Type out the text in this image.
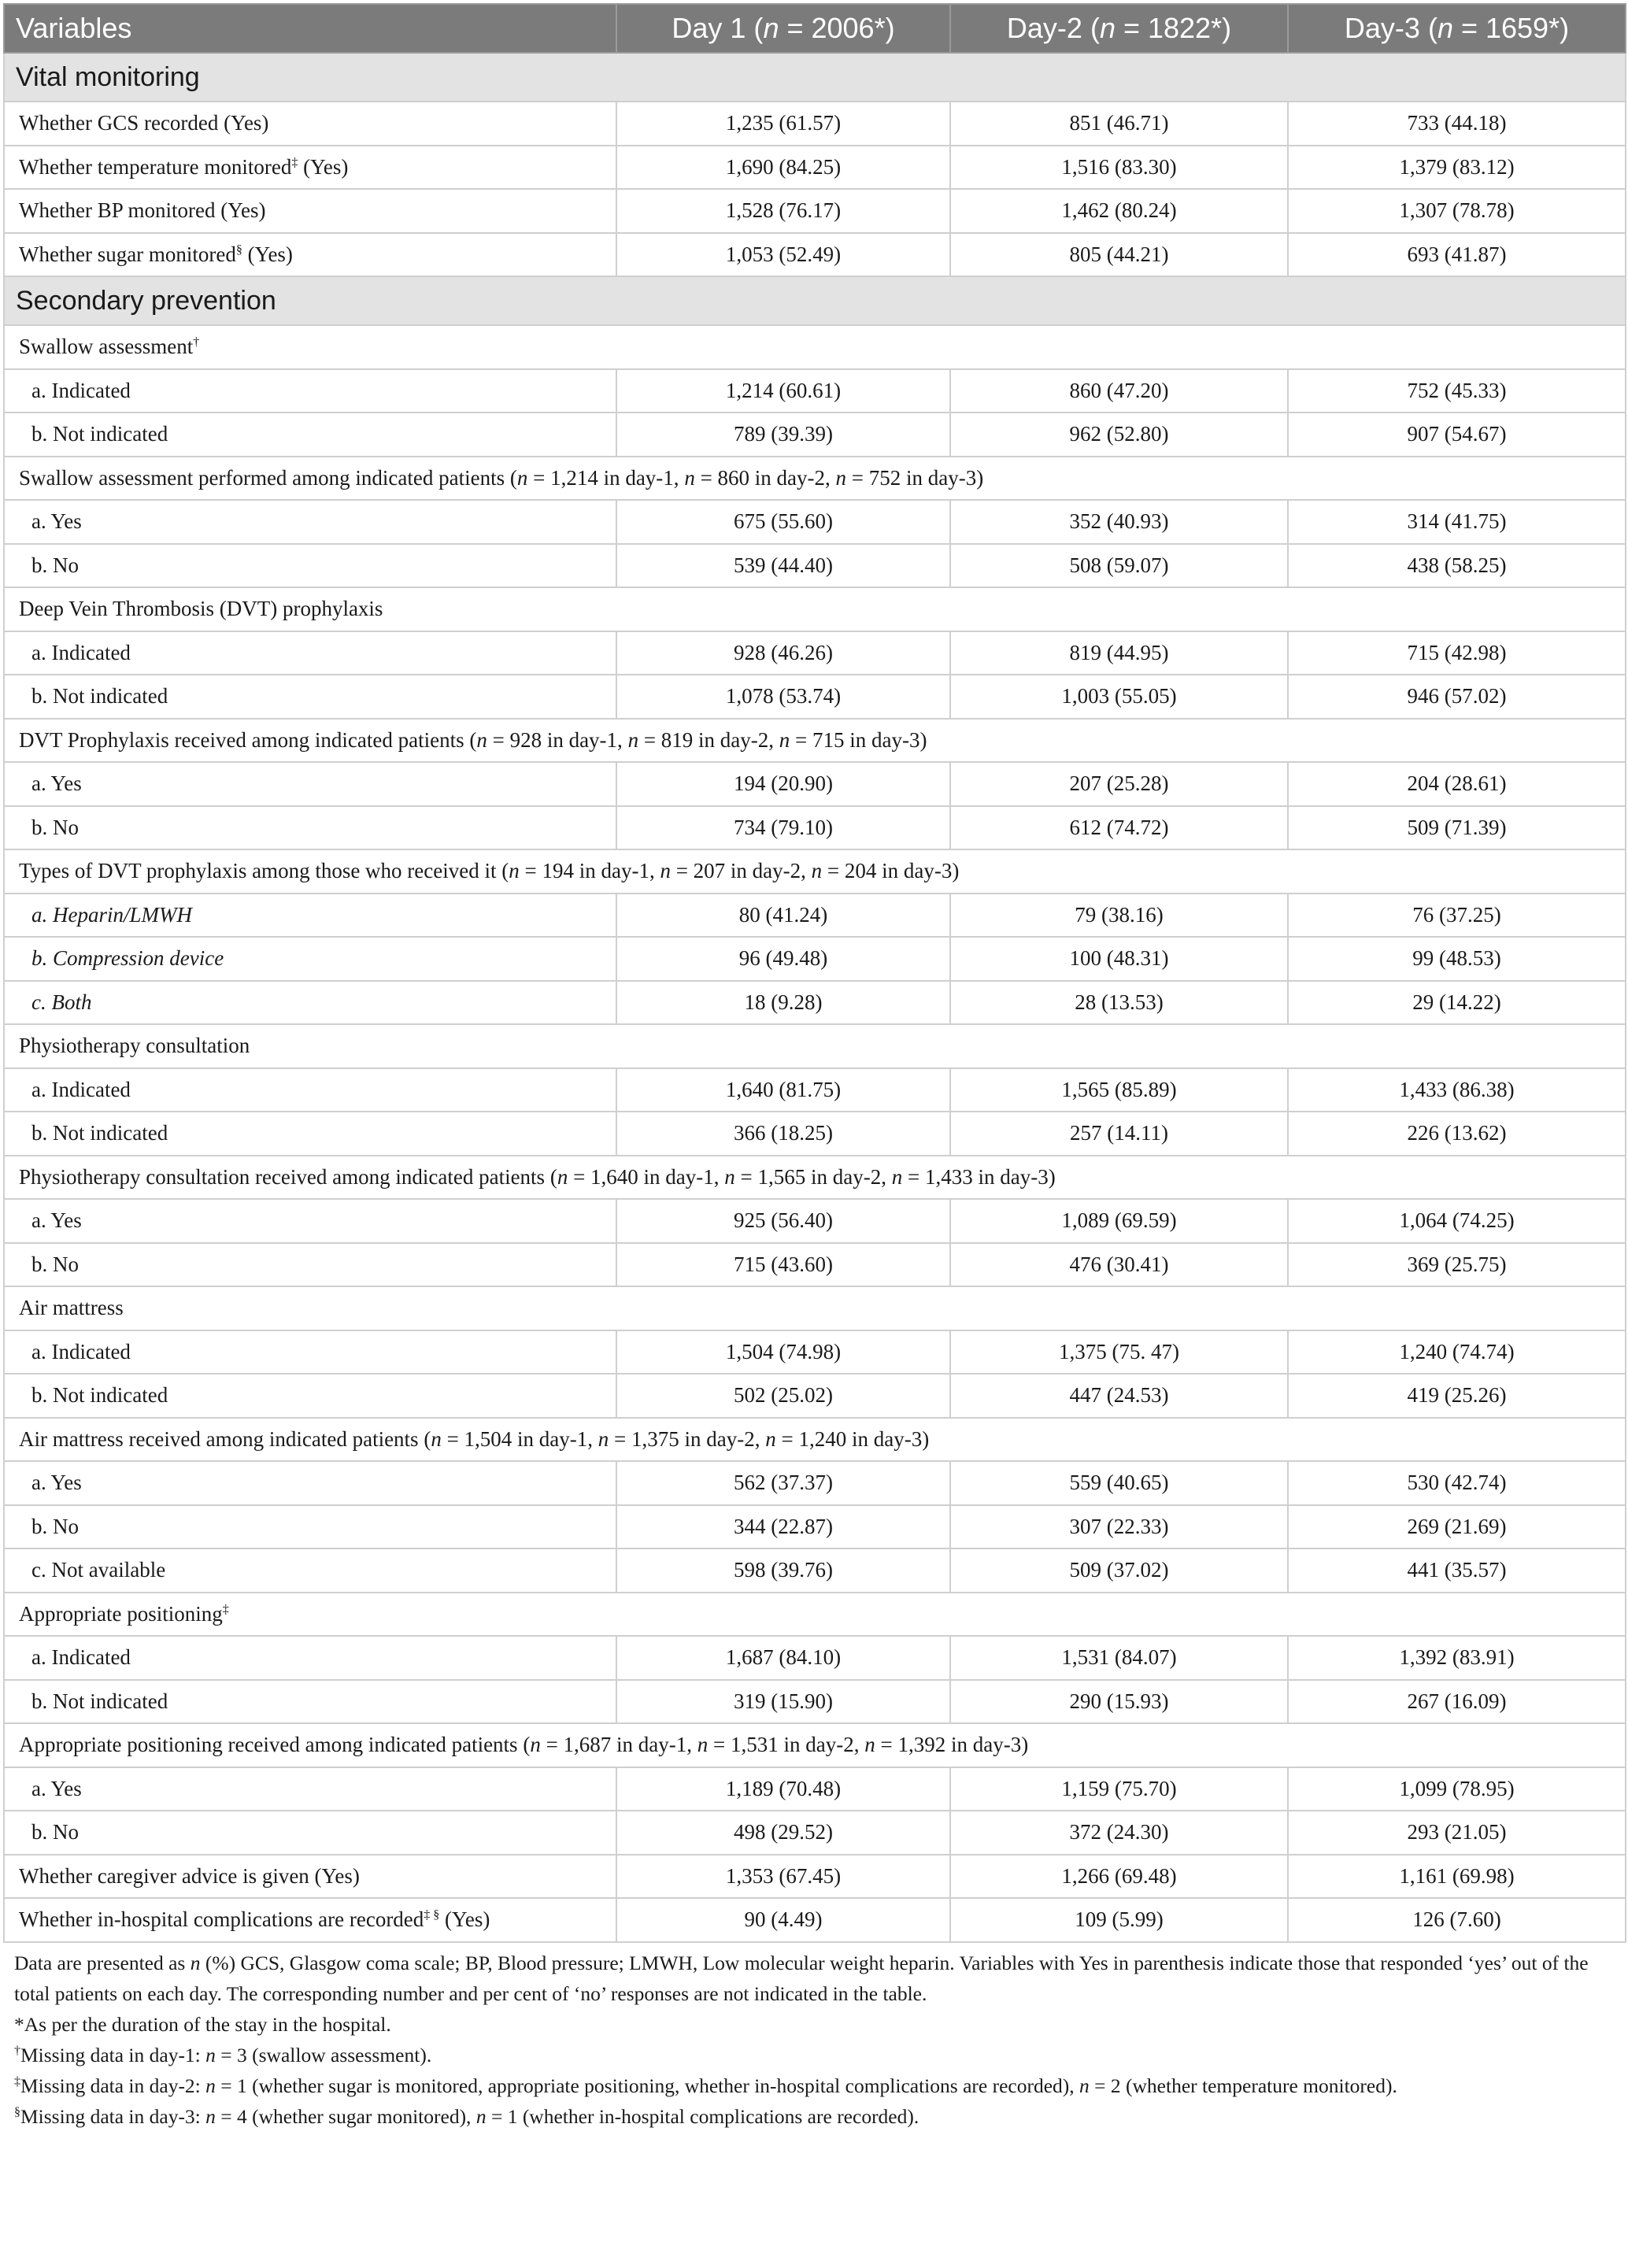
Variables	Day 1 (n = 2006*)	Day-2 (n = 1822*)	Day-3 (n = 1659*)
Vital monitoring			
Whether GCS recorded (Yes)	1,235 (61.57)	851 (46.71)	733 (44.18)
Whether temperature monitored‡ (Yes)	1,690 (84.25)	1,516 (83.30)	1,379 (83.12)
Whether BP monitored (Yes)	1,528 (76.17)	1,462 (80.24)	1,307 (78.78)
Whether sugar monitored§ (Yes)	1,053 (52.49)	805 (44.21)	693 (41.87)
Secondary prevention			
Swallow assessment†
a. Indicated	1,214 (60.61)	860 (47.20)	752 (45.33)
b. Not indicated	789 (39.39)	962 (52.80)	907 (54.67)
Swallow assessment performed among indicated patients (n = 1,214 in day-1, n = 860 in day-2, n = 752 in day-3)			
a. Yes	675 (55.60)	352 (40.93)	314 (41.75)
b. No	539 (44.40)	508 (59.07)	438 (58.25)
Deep Vein Thrombosis (DVT) prophylaxis			
a. Indicated	928 (46.26)	819 (44.95)	715 (42.98)
b. Not indicated	1,078 (53.74)	1,003 (55.05)	946 (57.02)
DVT Prophylaxis received among indicated patients (n = 928 in day-1, n = 819 in day-2, n = 715 in day-3)			
a. Yes	194 (20.90)	207 (25.28)	204 (28.61)
b. No	734 (79.10)	612 (74.72)	509 (71.39)
Types of DVT prophylaxis among those who received it (n = 194 in day-1, n = 207 in day-2, n = 204 in day-3)			
a. Heparin/LMWH	80 (41.24)	79 (38.16)	76 (37.25)
b. Compression device	96 (49.48)	100 (48.31)	99 (48.53)
c. Both	18 (9.28)	28 (13.53)	29 (14.22)
Physiotherapy consultation			
a. Indicated	1,640 (81.75)	1,565 (85.89)	1,433 (86.38)
b. Not indicated	366 (18.25)	257 (14.11)	226 (13.62)
Physiotherapy consultation received among indicated patients (n = 1,640 in day-1, n = 1,565 in day-2, n = 1,433 in day-3)			
a. Yes	925 (56.40)	1,089 (69.59)	1,064 (74.25)
b. No	715 (43.60)	476 (30.41)	369 (25.75)
Air mattress			
a. Indicated	1,504 (74.98)	1,375 (75. 47)	1,240 (74.74)
b. Not indicated	502 (25.02)	447 (24.53)	419 (25.26)
Air mattress received among indicated patients (n = 1,504 in day-1, n = 1,375 in day-2, n = 1,240 in day-3)			
a. Yes	562 (37.37)	559 (40.65)	530 (42.74)
b. No	344 (22.87)	307 (22.33)	269 (21.69)
c. Not available	598 (39.76)	509 (37.02)	441 (35.57)
Appropriate positioning‡
a. Indicated	1,687 (84.10)	1,531 (84.07)	1,392 (83.91)
b. Not indicated	319 (15.90)	290 (15.93)	267 (16.09)
Appropriate positioning received among indicated patients (n = 1,687 in day-1, n = 1,531 in day-2, n = 1,392 in day-3)			
a. Yes	1,189 (70.48)	1,159 (75.70)	1,099 (78.95)
b. No	498 (29.52)	372 (24.30)	293 (21.05)
Whether caregiver advice is given (Yes)	1,353 (67.45)	1,266 (69.48)	1,161 (69.98)
Whether in-hospital complications are recorded‡ § (Yes)	90 (4.49)	109 (5.99)	126 (7.60)

Data are presented as n (%) GCS, Glasgow coma scale; BP, Blood pressure; LMWH, Low molecular weight heparin. Variables with Yes in parenthesis indicate those that responded ‘yes’ out of the total patients on each day. The corresponding number and per cent of ‘no’ responses are not indicated in the table.

*As per the duration of the stay in the hospital.

†Missing data in day-1: n = 3 (swallow assessment).

‡Missing data in day-2: n = 1 (whether sugar is monitored, appropriate positioning, whether in-hospital complications are recorded), n = 2 (whether temperature monitored).

§Missing data in day-3: n = 4 (whether sugar monitored), n = 1 (whether in-hospital complications are recorded).
